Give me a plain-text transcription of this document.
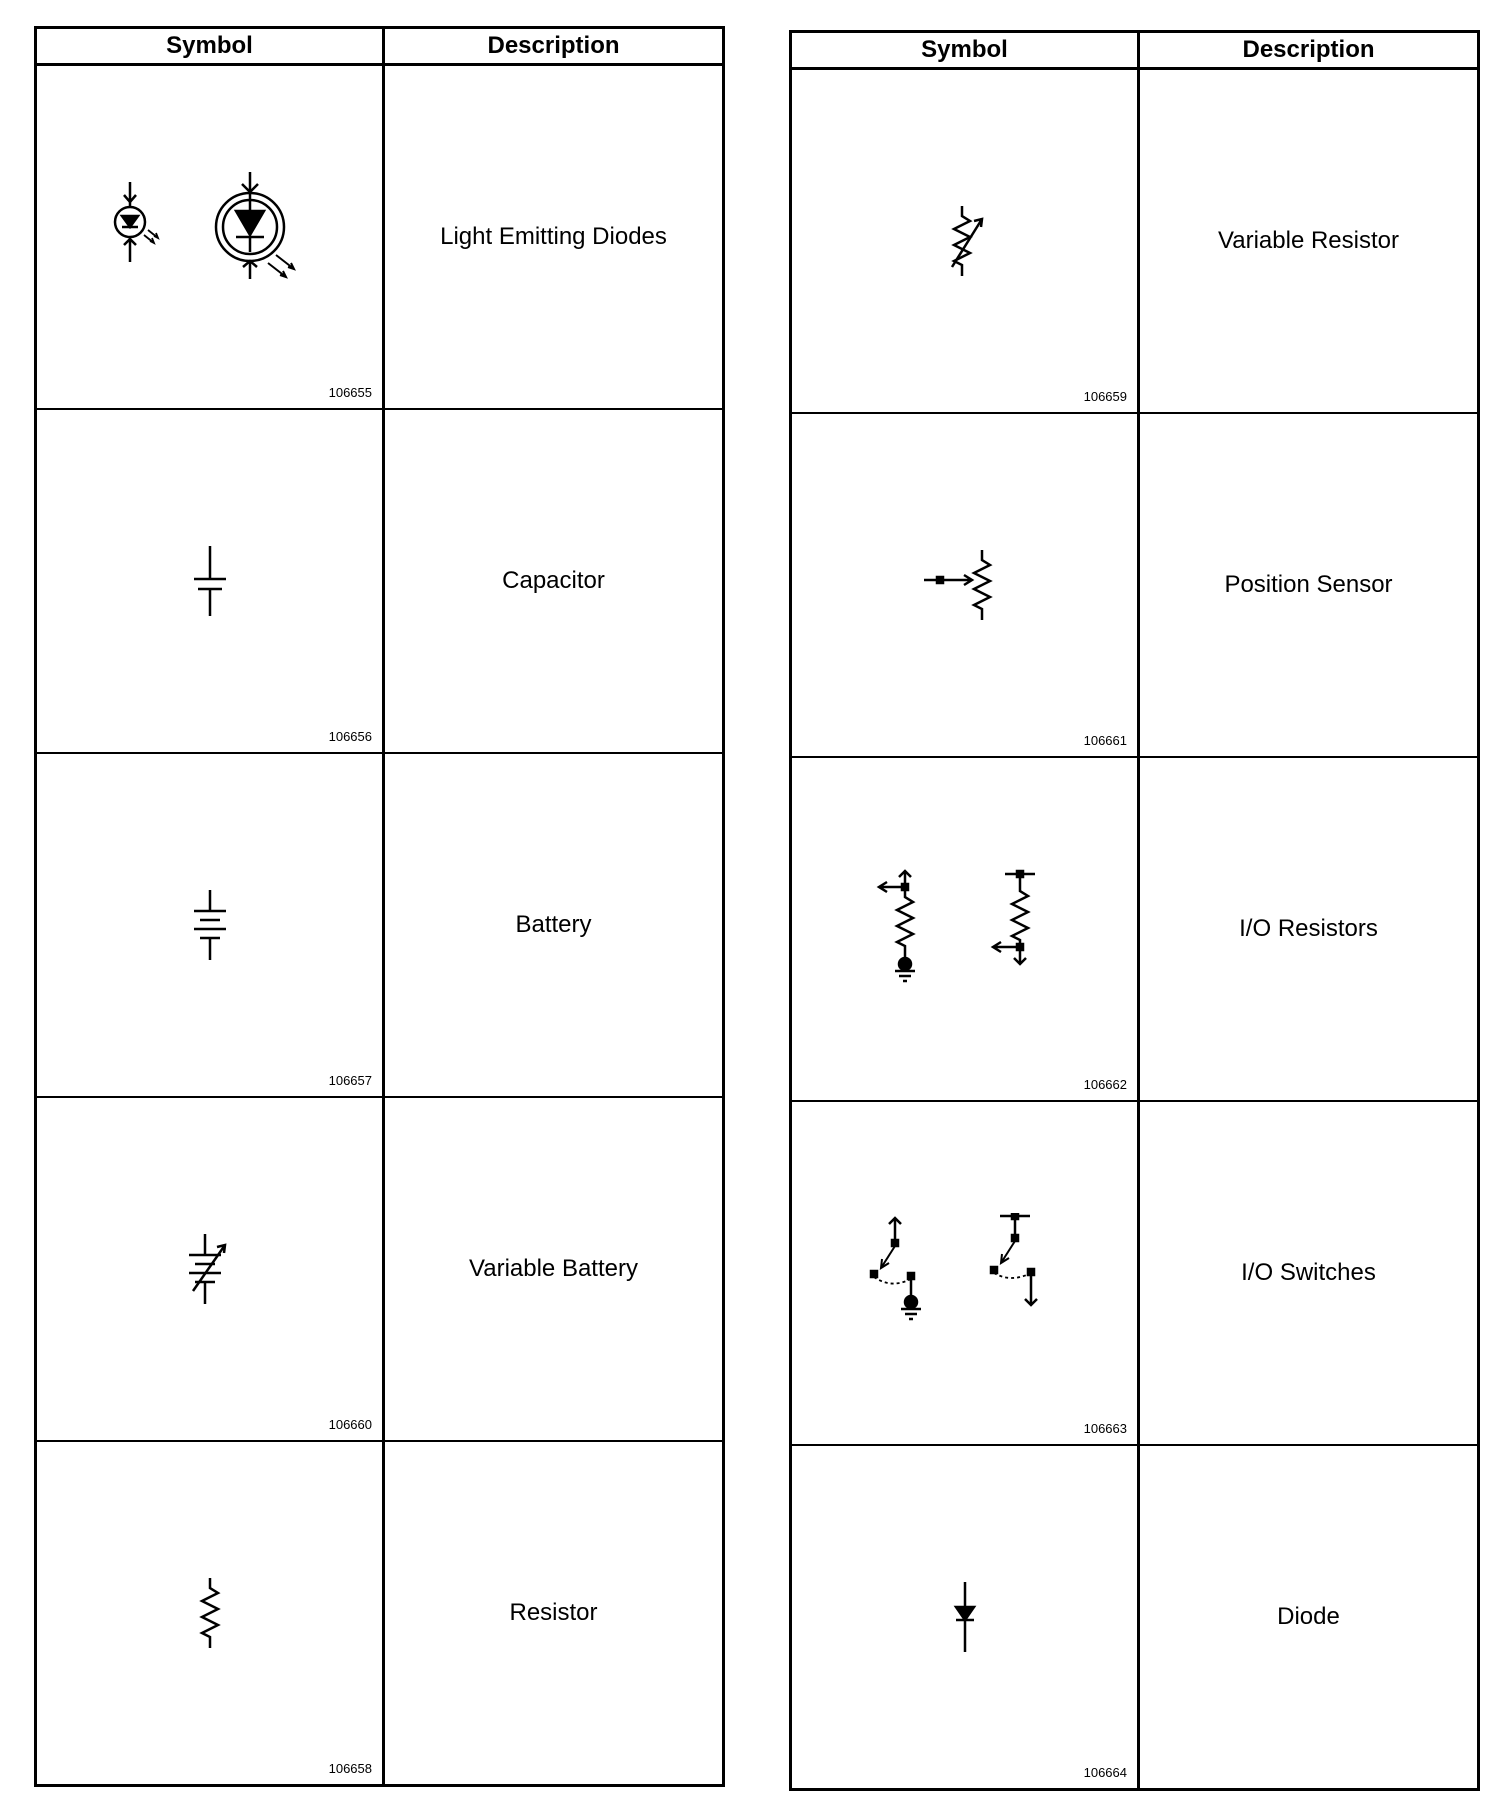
Symbol	Description

106655	Light Emitting Diodes

106656	Capacitor

106657	Battery

106660	Variable Battery

106658	Resistor
Symbol	Description

106659	Variable Resistor

106661	Position Sensor

106662	I/O Resistors

106663	I/O Switches

106664	Diode
